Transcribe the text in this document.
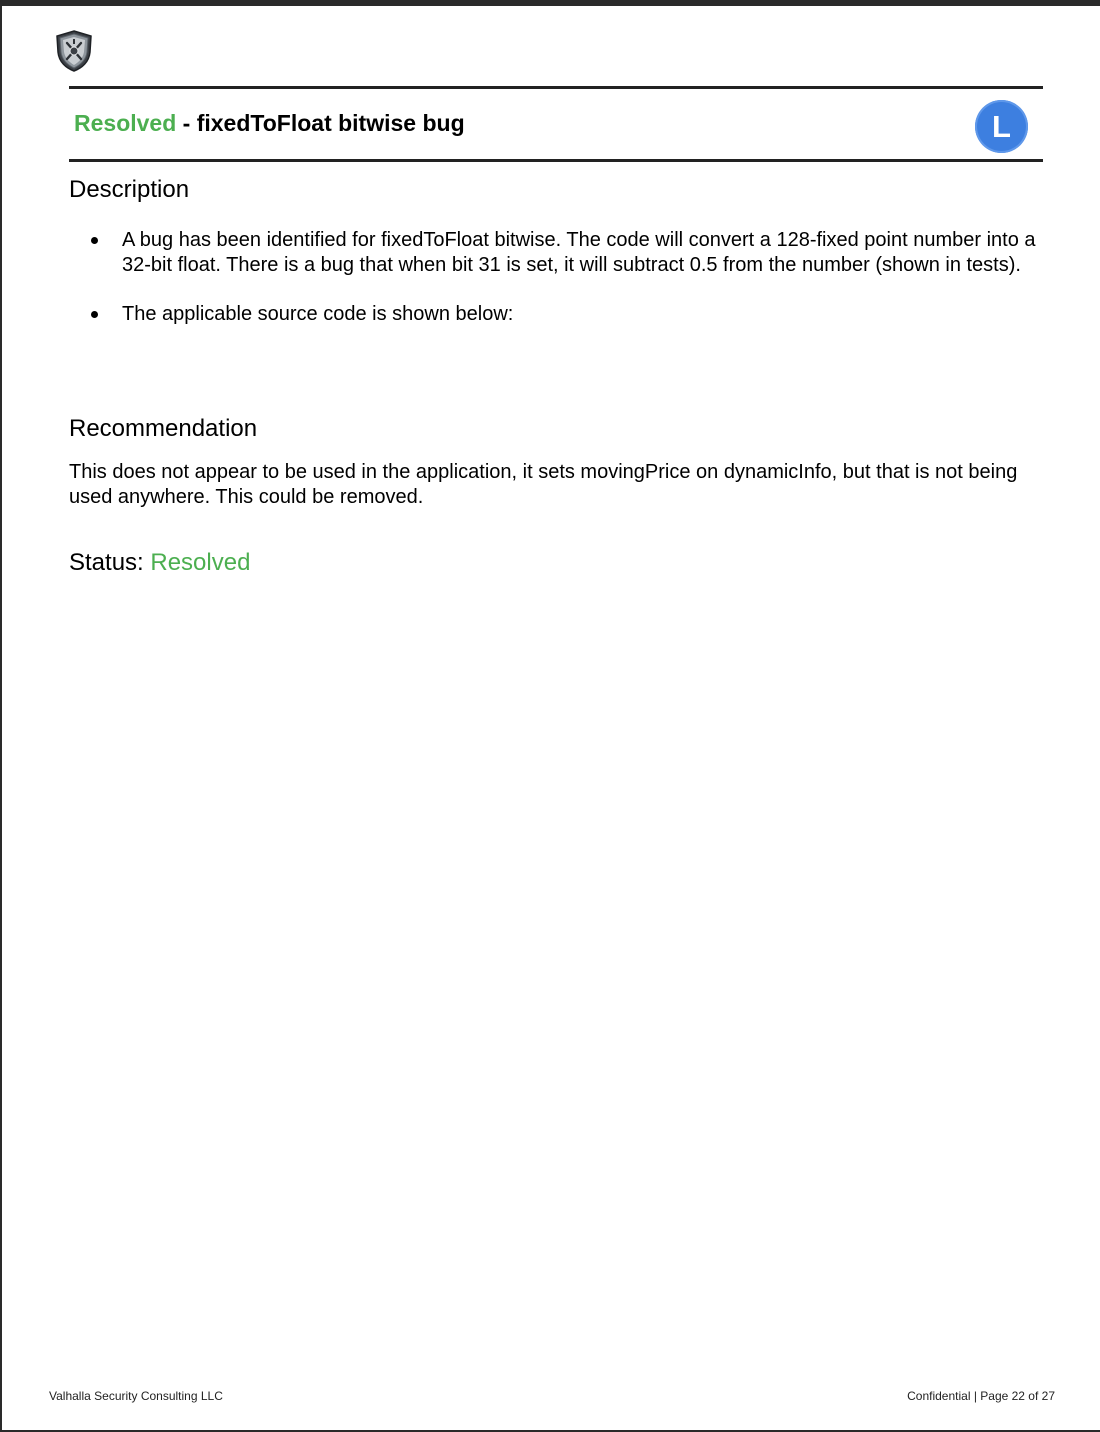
Resolved - fixedToFloat bitwise bug	L
Description
A bug has been identified for fixedToFloat bitwise. The code will convert a 128-fixed point number into a 32-bit float. There is a bug that when bit 31 is set, it will subtract 0.5 from the number (shown in tests).
The applicable source code is shown below:
Recommendation
This does not appear to be used in the application, it sets movingPrice on dynamicInfo, but that is not being used anywhere. This could be removed.
Status: Resolved
Valhalla Security Consulting LLC	Confidential | Page 22 of 27
